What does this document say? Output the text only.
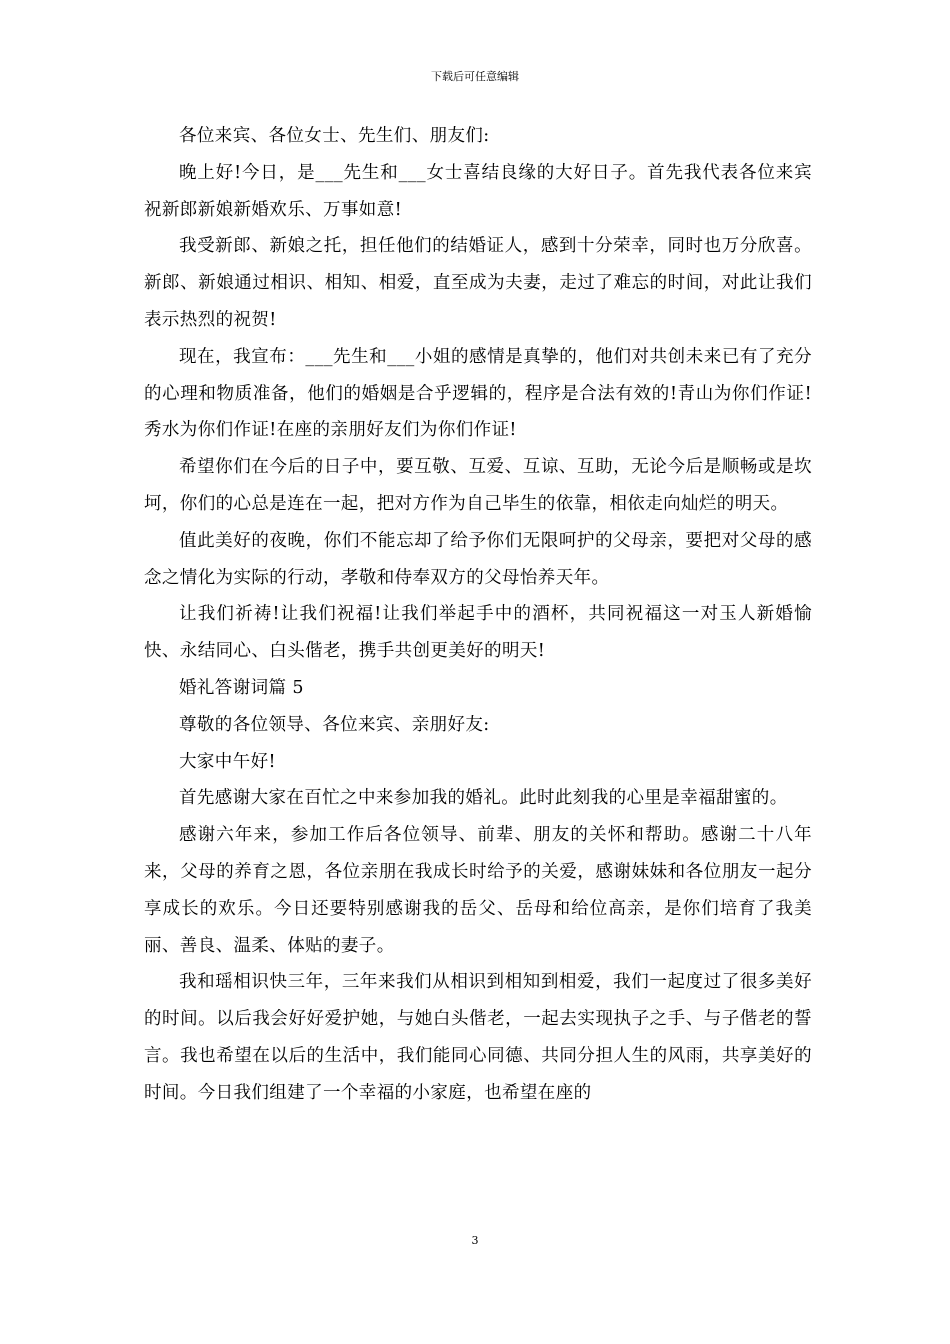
下载后可任意编辑

各位来宾、各位女士、先生们、朋友们:

晚上好!今日，是___先生和___女士喜结良缘的大好日子。首先我代表各位来宾祝新郎新娘新婚欢乐、万事如意!

我受新郎、新娘之托，担任他们的结婚证人，感到十分荣幸，同时也万分欣喜。新郎、新娘通过相识、相知、相爱，直至成为夫妻，走过了难忘的时间，对此让我们表示热烈的祝贺!

现在，我宣布：___先生和___小姐的感情是真挚的，他们对共创未来已有了充分的心理和物质准备，他们的婚姻是合乎逻辑的，程序是合法有效的!青山为你们作证!秀水为你们作证!在座的亲朋好友们为你们作证!

希望你们在今后的日子中，要互敬、互爱、互谅、互助，无论今后是顺畅或是坎坷，你们的心总是连在一起，把对方作为自己毕生的依靠，相依走向灿烂的明天。

值此美好的夜晚，你们不能忘却了给予你们无限呵护的父母亲，要把对父母的感念之情化为实际的行动，孝敬和侍奉双方的父母怡养天年。

让我们祈祷!让我们祝福!让我们举起手中的酒杯，共同祝福这一对玉人新婚愉快、永结同心、白头偕老，携手共创更美好的明天!

婚礼答谢词篇 5

尊敬的各位领导、各位来宾、亲朋好友:

大家中午好!

首先感谢大家在百忙之中来参加我的婚礼。此时此刻我的心里是幸福甜蜜的。

感谢六年来，参加工作后各位领导、前辈、朋友的关怀和帮助。感谢二十八年来，父母的养育之恩，各位亲朋在我成长时给予的关爱，感谢妹妹和各位朋友一起分享成长的欢乐。今日还要特别感谢我的岳父、岳母和给位高亲，是你们培育了我美丽、善良、温柔、体贴的妻子。

我和瑶相识快三年，三年来我们从相识到相知到相爱，我们一起度过了很多美好的时间。以后我会好好爱护她，与她白头偕老，一起去实现执子之手、与子偕老的誓言。我也希望在以后的生活中，我们能同心同德、共同分担人生的风雨，共享美好的时间。今日我们组建了一个幸福的小家庭，也希望在座的

3
